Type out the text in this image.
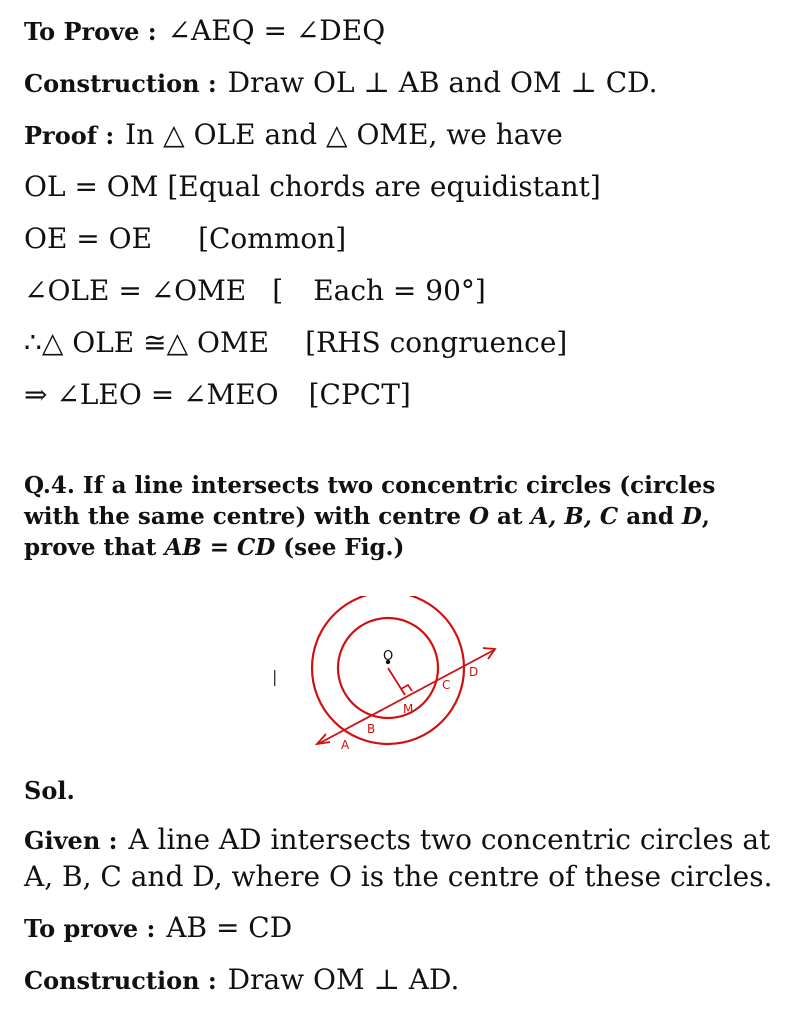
To Prove : ∠AEQ = ∠DEQ
Construction : Draw OL ⊥ AB and OM ⊥ CD.
Proof : In △ OLE and △ OME, we have
OL = OM [Equal chords are equidistant]
OE = OE [Common]
∠OLE = ∠OME [ Each = 90°]
∴△ OLE ≅△ OME [RHS congruence]
⇒ ∠LEO = ∠MEO [CPCT]
Q.4. If a line intersects two concentric circles (circles
with the same centre) with centre O at A, B, C and D,
prove that AB = CD (see Fig.)
|
O
A
B
C
D
M
Sol.
Given : A line AD intersects two concentric circles at A, B, C and D, where O is the centre of these circles.
To prove : AB = CD
Construction : Draw OM ⊥ AD.
